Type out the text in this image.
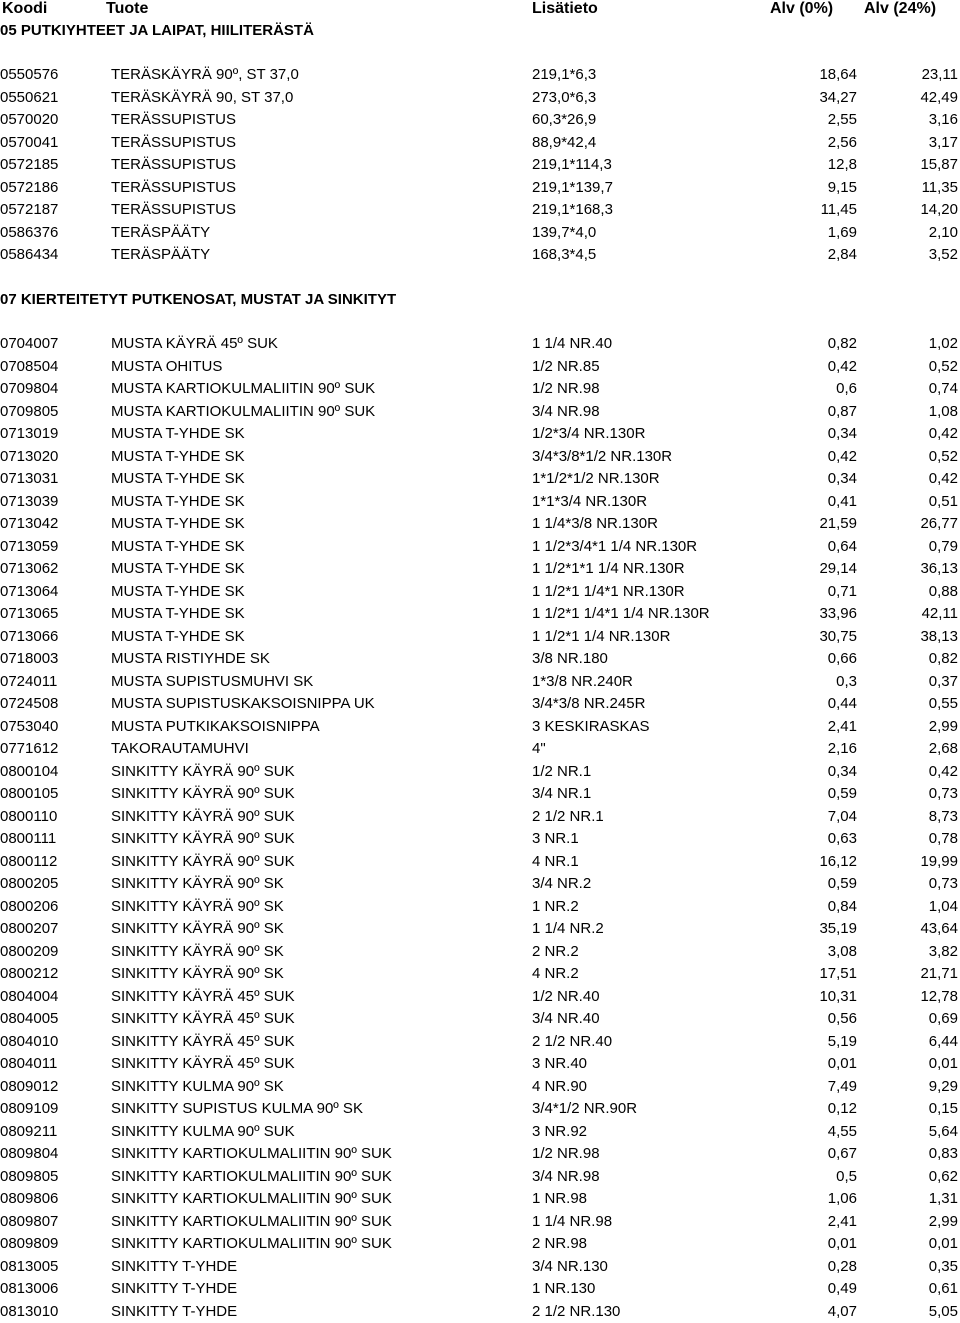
Koodi	Tuote	Lisätieto	Alv (0%) Alv (24%)
05 PUTKIYHTEET JA LAIPAT, HIILITERÄSTÄ
0550576	TERÄSKÄYRÄ 90º, ST 37,0	219,1*6,3	18,64	23,11
0550621	TERÄSKÄYRÄ 90, ST 37,0	273,0*6,3	34,27	42,49
0570020	TERÄSSUPISTUS	60,3*26,9	2,55	3,16
0570041	TERÄSSUPISTUS	88,9*42,4	2,56	3,17
0572185	TERÄSSUPISTUS	219,1*114,3	12,8	15,87
0572186	TERÄSSUPISTUS	219,1*139,7	9,15	11,35
0572187	TERÄSSUPISTUS	219,1*168,3	11,45	14,20
0586376	TERÄSPÄÄTY	139,7*4,0	1,69	2,10
0586434	TERÄSPÄÄTY	168,3*4,5	2,84	3,52
07 KIERTEITETYT PUTKENOSAT, MUSTAT JA SINKITYT
0704007	MUSTA KÄYRÄ 45º SUK	1 1/4 NR.40	0,82	1,02
0708504	MUSTA OHITUS	1/2 NR.85	0,42	0,52
0709804	MUSTA KARTIOKULMALIITIN 90º SUK	1/2 NR.98	0,6	0,74
0709805	MUSTA KARTIOKULMALIITIN 90º SUK	3/4 NR.98	0,87	1,08
0713019	MUSTA T-YHDE SK	1/2*3/4 NR.130R	0,34	0,42
0713020	MUSTA T-YHDE SK	3/4*3/8*1/2 NR.130R	0,42	0,52
0713031	MUSTA T-YHDE SK	1*1/2*1/2 NR.130R	0,34	0,42
0713039	MUSTA T-YHDE SK	1*1*3/4 NR.130R	0,41	0,51
0713042	MUSTA T-YHDE SK	1 1/4*3/8 NR.130R	21,59	26,77
0713059	MUSTA T-YHDE SK	1 1/2*3/4*1 1/4 NR.130R	0,64	0,79
0713062	MUSTA T-YHDE SK	1 1/2*1*1 1/4 NR.130R	29,14	36,13
0713064	MUSTA T-YHDE SK	1 1/2*1 1/4*1 NR.130R	0,71	0,88
0713065	MUSTA T-YHDE SK	1 1/2*1 1/4*1 1/4 NR.130R	33,96	42,11
0713066	MUSTA T-YHDE SK	1 1/2*1 1/4 NR.130R	30,75	38,13
0718003	MUSTA RISTIYHDE SK	3/8 NR.180	0,66	0,82
0724011	MUSTA SUPISTUSMUHVI SK	1*3/8 NR.240R	0,3	0,37
0724508	MUSTA SUPISTUSKAKSOISNIPPA UK	3/4*3/8 NR.245R	0,44	0,55
0753040	MUSTA PUTKIKAKSOISNIPPA	3 KESKIRASKAS	2,41	2,99
0771612	TAKORAUTAMUHVI	4"	2,16	2,68
0800104	SINKITTY KÄYRÄ 90º SUK	1/2 NR.1	0,34	0,42
0800105	SINKITTY KÄYRÄ 90º SUK	3/4 NR.1	0,59	0,73
0800110	SINKITTY KÄYRÄ 90º SUK	2 1/2 NR.1	7,04	8,73
0800111	SINKITTY KÄYRÄ 90º SUK	3 NR.1	0,63	0,78
0800112	SINKITTY KÄYRÄ 90º SUK	4 NR.1	16,12	19,99
0800205	SINKITTY KÄYRÄ 90º SK	3/4 NR.2	0,59	0,73
0800206	SINKITTY KÄYRÄ 90º SK	1 NR.2	0,84	1,04
0800207	SINKITTY KÄYRÄ 90º SK	1 1/4 NR.2	35,19	43,64
0800209	SINKITTY KÄYRÄ 90º SK	2 NR.2	3,08	3,82
0800212	SINKITTY KÄYRÄ 90º SK	4 NR.2	17,51	21,71
0804004	SINKITTY KÄYRÄ 45º SUK	1/2 NR.40	10,31	12,78
0804005	SINKITTY KÄYRÄ 45º SUK	3/4 NR.40	0,56	0,69
0804010	SINKITTY KÄYRÄ 45º SUK	2 1/2 NR.40	5,19	6,44
0804011	SINKITTY KÄYRÄ 45º SUK	3 NR.40	0,01	0,01
0809012	SINKITTY KULMA 90º SK	4 NR.90	7,49	9,29
0809109	SINKITTY SUPISTUS KULMA 90º SK	3/4*1/2 NR.90R	0,12	0,15
0809211	SINKITTY KULMA 90º SUK	3 NR.92	4,55	5,64
0809804	SINKITTY KARTIOKULMALIITIN 90º SUK	1/2 NR.98	0,67	0,83
0809805	SINKITTY KARTIOKULMALIITIN 90º SUK	3/4 NR.98	0,5	0,62
0809806	SINKITTY KARTIOKULMALIITIN 90º SUK	1 NR.98	1,06	1,31
0809807	SINKITTY KARTIOKULMALIITIN 90º SUK	1 1/4 NR.98	2,41	2,99
0809809	SINKITTY KARTIOKULMALIITIN 90º SUK	2 NR.98	0,01	0,01
0813005	SINKITTY T-YHDE	3/4 NR.130	0,28	0,35
0813006	SINKITTY T-YHDE	1 NR.130	0,49	0,61
0813010	SINKITTY T-YHDE	2 1/2 NR.130	4,07	5,05
